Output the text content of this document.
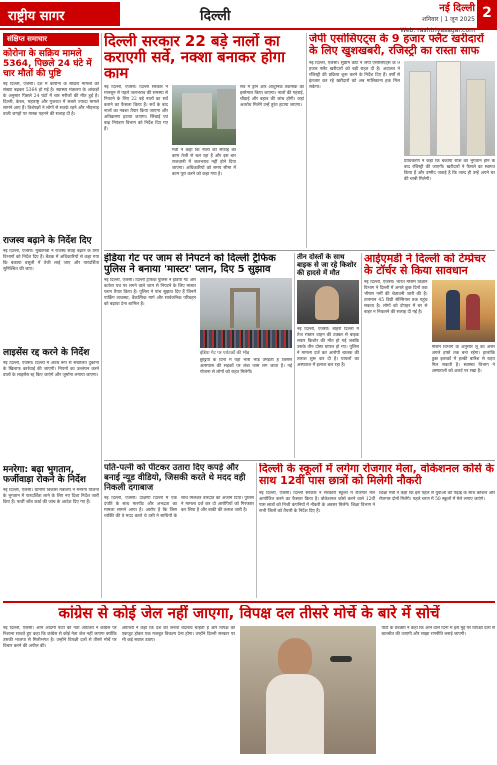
राष्ट्रीय सागर	दिल्ली	नई दिल्ली
शनिवार | 1 जून 2025
Web: rashtriyasagar.com
2
संक्षिप्त समाचार
कोरोना के सक्रिय मामले 5364, पिछले 24 घंटे में चार मौतों की पुष्टि
नई दिल्ली, एजेंसी। देश में कोरोना के सक्रिय मामलों की संख्या बढ़कर 5364 हो गई है। स्वास्थ्य मंत्रालय के आंकड़ों के अनुसार पिछले 24 घंटों में चार मरीजों की मौत हुई है। दिल्ली, केरल, महाराष्ट्र और गुजरात में सबसे ज्यादा मामले सामने आए हैं। विशेषज्ञों ने लोगों से सतर्क रहने और भीड़भाड़ वाली जगहों पर मास्क पहनने की सलाह दी है।
राजस्व बढ़ाने के निर्देश दिए
नई दिल्ली, एजेंसी। मुख्यमंत्री ने राजस्व संग्रह बढ़ाने के लिए विभागों को निर्देश दिए हैं। बैठक में अधिकारियों से कहा गया कि बकाया वसूली में तेजी लाई जाए और पारदर्शिता सुनिश्चित की जाए।
लाइसेंस रद्द करने के निर्देश
नई दिल्ली, एजेंसी। दिल्ली में अवैध रूप से संचालित दुकानों के खिलाफ कार्रवाई की जाएगी। नियमों का उल्लंघन करने वालों के लाइसेंस रद्द किए जाएंगे और जुर्माना लगाया जाएगा।
मनरेगा: बढ़ा भुगतान, फर्जीवाड़ा रोकने के निर्देश
नई दिल्ली, एजेंसी। ग्रामीण विकास मंत्रालय ने मनरेगा योजना के भुगतान में पारदर्शिता लाने के लिए नए दिशा निर्देश जारी किए हैं। फर्जी जॉब कार्ड की जांच के आदेश दिए गए हैं।
दिल्ली सरकार 22 बड़े नालों का कराएगी सर्वे, नक्शा बनाकर होगा काम
नई दिल्ली, एजेंसी। दिल्ली सरकार ने मानसून से पहले जलभराव की समस्या से निपटने के लिए 22 बड़े नालों का सर्वे कराने का फैसला किया है। सर्वे के बाद नालों का नक्शा तैयार किया जाएगा और अतिक्रमण हटाया जाएगा। सिंचाई एवं बाढ़ नियंत्रण विभाग को निर्देश दिए गए हैं।
मंत्री ने कहा कि नालों की सफाई का काम तेजी से चल रहा है और इस बार राजधानी में जलभराव नहीं होने दिया जाएगा। अधिकारियों को समय सीमा में काम पूरा करने को कहा गया है।
सर्वे में ड्रोन और आधुनिक तकनीक का इस्तेमाल किया जाएगा। नालों की गहराई, चौड़ाई और बहाव की जांच होगी। जहां अवरोध मिलेंगे उन्हें तुरंत हटाया जाएगा।
जेपी एसोसिएट्स के 9 हजार फ्लैट खरीदारों के लिए खुशखबरी, रजिस्ट्री का रास्ता साफ
नई दिल्ली, एजेंसी। सुप्रीम कोर्ट ने जेपी एसोसिएट्स के 9 हजार फ्लैट खरीदारों को बड़ी राहत दी है। अदालत ने रजिस्ट्री की प्रक्रिया शुरू करने के निर्देश दिए हैं। वर्षों से इंतजार कर रहे खरीदारों को अब मालिकाना हक मिल सकेगा।
प्राधिकरण ने कहा कि बकाया राशि का भुगतान होने के बाद रजिस्ट्री की जाएगी। खरीदारों ने फैसले का स्वागत किया है और उम्मीद जताई है कि जल्द ही उन्हें अपने घर की चाबी मिलेगी।
इंडिया गेट पर जाम से निपटने को दिल्ली ट्रैफिक पुलिस ने बनाया 'मास्टर' प्लान, दिए 5 सुझाव
नई दिल्ली, एजेंसी। दिल्ली ट्रैफिक पुलिस ने इंडिया गेट और कर्तव्य पथ पर लगने वाले जाम से निपटने के लिए मास्टर प्लान तैयार किया है। पुलिस ने पांच सुझाव दिए हैं जिनमें पार्किंग व्यवस्था, वैकल्पिक मार्ग और सार्वजनिक परिवहन को बढ़ावा देना शामिल है।
इंडिया गेट पर पर्यटकों की भीड़
छुट्टियों के दिनों में यहां भारी भीड़ उमड़ती है जिससे आसपास की सड़कों पर लंबा जाम लग जाता है। नई योजना से लोगों को राहत मिलेगी।
तीन दोस्तों के साथ बाइक से जा रहे किशोर की हादसे में मौत
नई दिल्ली, एजेंसी। बाहरी दिल्ली में तेज रफ्तार वाहन की टक्कर से बाइक सवार किशोर की मौत हो गई जबकि उसके तीन दोस्त घायल हो गए। पुलिस ने मामला दर्ज कर आरोपी चालक की तलाश शुरू कर दी है। घायलों का अस्पताल में इलाज चल रहा है।
आईएमडी ने दिल्ली को टेम्प्रेचर के टॉर्चर से किया सावधान
नई दिल्ली, एजेंसी। भारत मौसम विज्ञान विभाग ने दिल्ली में अगले कुछ दिनों तक भीषण गर्मी की चेतावनी जारी की है। तापमान 45 डिग्री सेल्सियस तक पहुंच सकता है। लोगों को दोपहर में घर से बाहर न निकलने की सलाह दी गई है।
मौसम विभाग के अनुसार लू का असर अगले हफ्ते तक बना रहेगा। हालांकि कुछ इलाकों में हल्की बारिश से राहत मिल सकती है। स्वास्थ्य विभाग ने अस्पतालों को अलर्ट पर रखा है।
पति-पत्नी को पीटकर उतारा दिए कपड़े और बनाई न्यूड वीडियो, जिसकी करते थे मदद वही निकली दगाबाज
नई दिल्ली, एजेंसी। दक्षिणी दिल्ली में एक दंपति के साथ मारपीट और अभद्रता का मामला सामने आया है। आरोप है कि जिस व्यक्ति की वे मदद करते थे उसी ने साथियों के साथ मिलकर वारदात को अंजाम दिया। पुलिस ने मामला दर्ज कर दो आरोपियों को गिरफ्तार कर लिया है और बाकी की तलाश जारी है।
दिल्ली के स्कूलों में लगेगा रोजगार मेला, वोकेशनल कोर्स के साथ 12वीं पास छात्रों को मिलेगी नौकरी
नई दिल्ली, एजेंसी। दिल्ली सरकार ने सरकारी स्कूलों में रोजगार मेले आयोजित करने का फैसला किया है। वोकेशनल कोर्स करने वाले 12वीं पास छात्रों को निजी कंपनियों में नौकरी के अवसर मिलेंगे। शिक्षा विभाग ने सभी जिलों को तैयारी के निर्देश दिए हैं।
शिक्षा मंत्री ने कहा कि इस पहल से युवाओं को पढ़ाई के साथ कौशल और रोजगार दोनों मिलेंगे। पहले चरण में 50 स्कूलों में मेले लगाए जाएंगे।
कांग्रेस से कोई जेल नहीं जाएगा, विपक्ष दल तीसरे मोर्चे के बारे में सोचें
नई दिल्ली, एजेंसी। आम आदमी पार्टी की नेता आतिशी ने कांग्रेस पर निशाना साधते हुए कहा कि कांग्रेस से कोई नेता जेल नहीं जाएगा क्योंकि उसकी भाजपा से मिलीभगत है। उन्होंने विपक्षी दलों से तीसरे मोर्चे पर विचार करने की अपील की।
आतिशी ने कहा कि देश की जनता बदलाव चाहती है और विपक्ष को एकजुट होकर एक मजबूत विकल्प देना होगा। उन्होंने दिल्ली सरकार पर भी कई सवाल उठाए।
पार्टी के प्रवक्ता ने कहा कि आने वाले दिनों में इस मुद्दे पर विपक्षी दलों से बातचीत की जाएगी और साझा रणनीति बनाई जाएगी।
